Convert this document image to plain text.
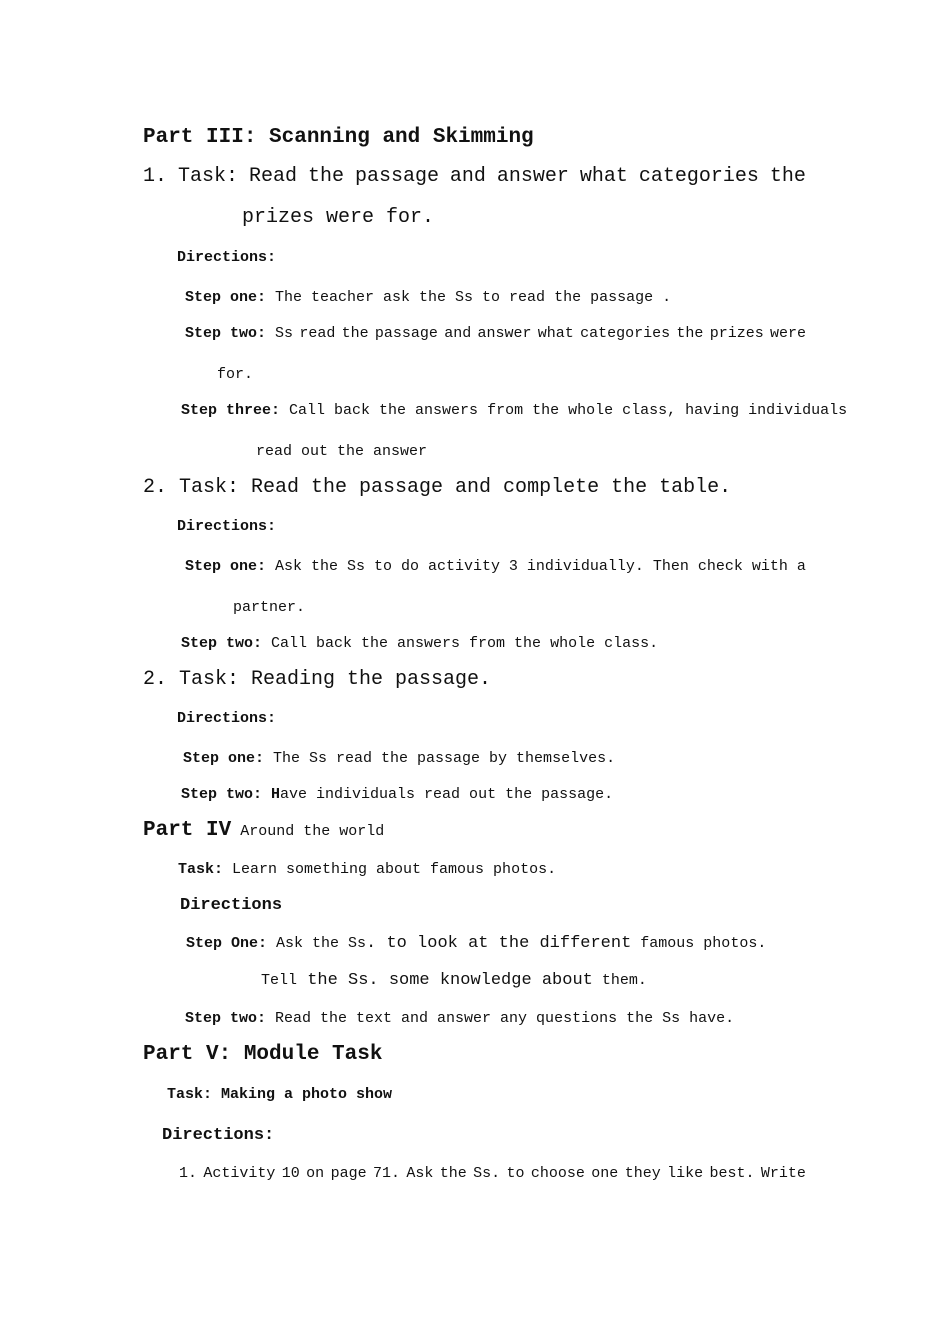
Part III: Scanning and Skimming
1. Task: Read the passage and answer what categories the
prizes were for.
Directions:
Step one: The teacher ask the Ss to read the passage .
Step two: Ss read the passage and answer what categories the prizes were
for.
Step three: Call back the answers from the whole class, having individuals
read out the answer
2. Task: Read the passage and complete the table.
Directions:
Step one: Ask the Ss to do activity 3 individually. Then check with a
partner.
Step two: Call back the answers from the whole class.
2. Task: Reading the passage.
Directions:
Step one: The Ss read the passage by themselves.
Step two: Have individuals read out the passage.
Part IV Around the world
Task: Learn something about famous photos.
Directions
Step One: Ask the Ss. to look at the different famous photos.
Tell the Ss. some knowledge about them.
Step two: Read the text and answer any questions the Ss have.
Part V: Module Task
Task: Making a photo show
Directions:
1. Activity 10 on page 71. Ask the Ss. to choose one they like best. Write
